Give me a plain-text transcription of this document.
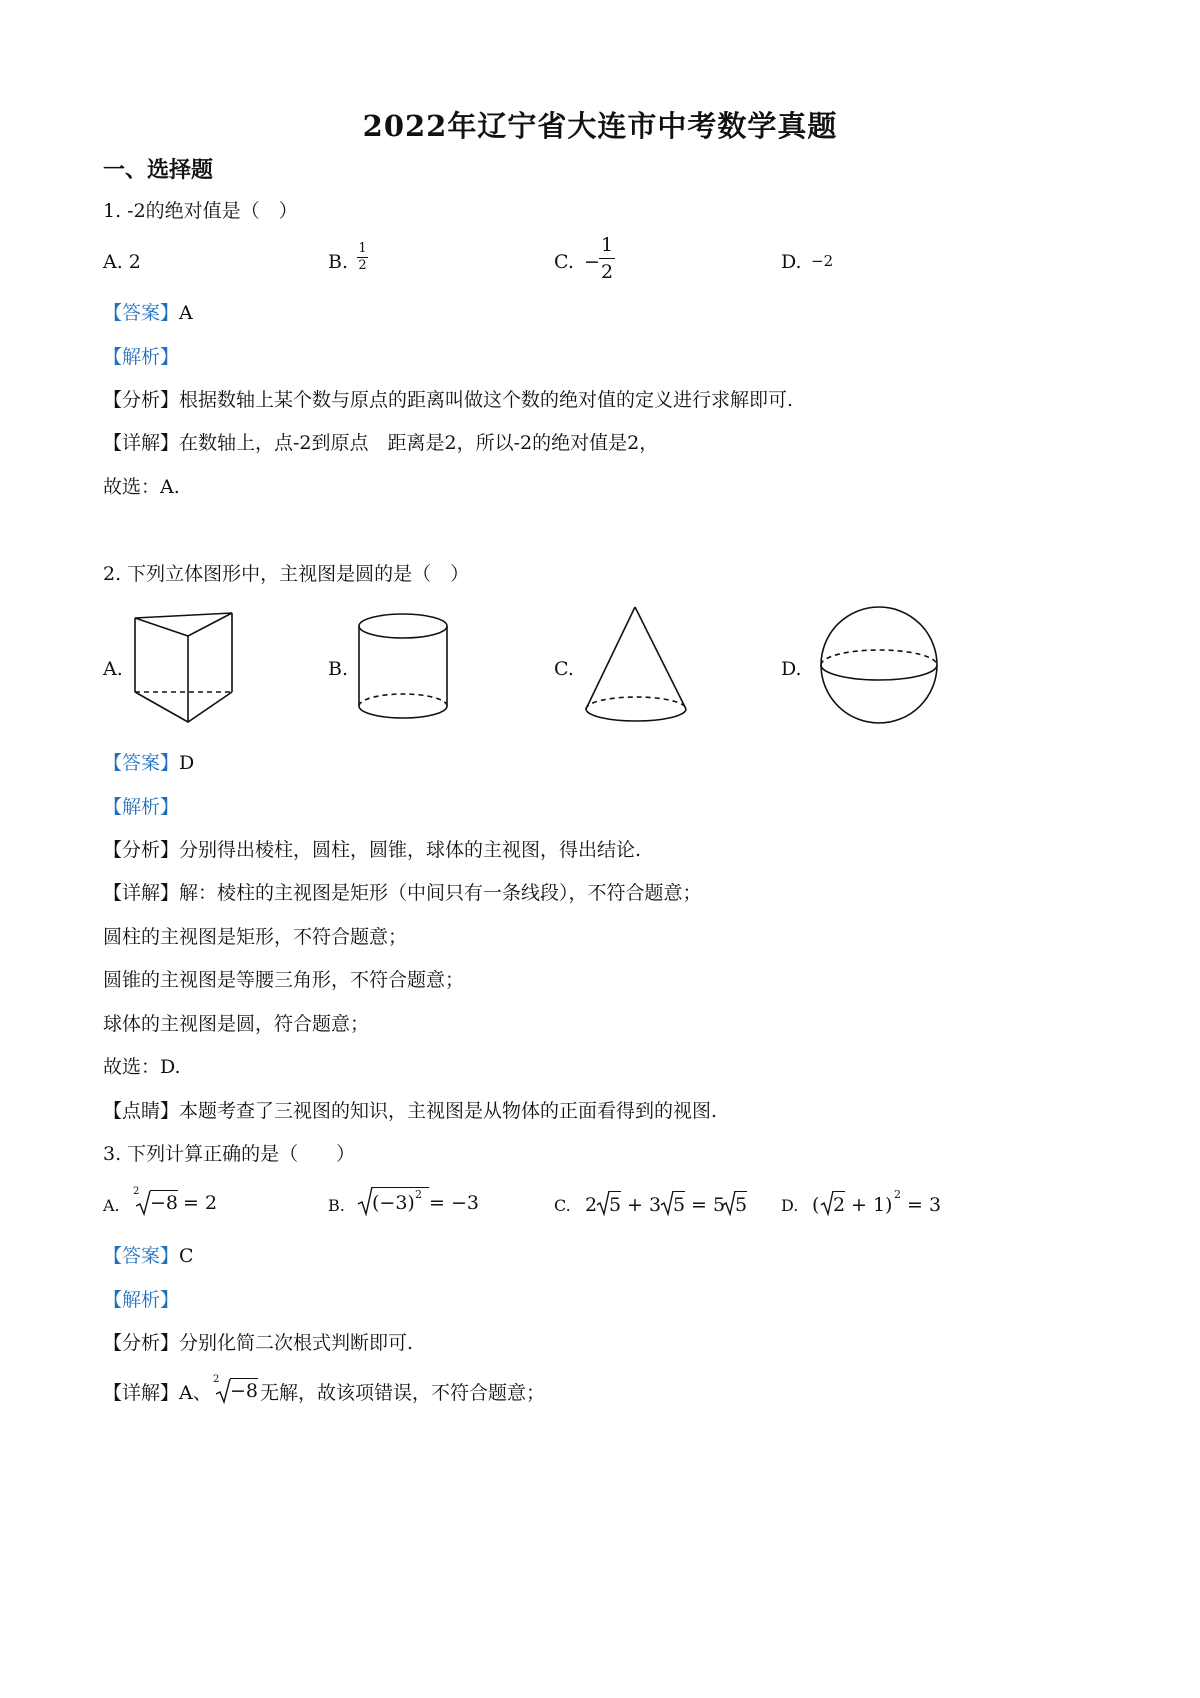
2022年辽宁省大连市中考数学真题
一、选择题
1. -2的绝对值是（　）
A. 2	B.
1
2	C. −
1
2	D. −2
【答案】A
【解析】
【分析】根据数轴上某个数与原点的距离叫做这个数的绝对值的定义进行求解即可.
【详解】在数轴上，点-2到原点　距离是2，所以-2的绝对值是2，
故选：A.
2. 下列立体图形中，主视图是圆的是（　）
A.	B.	C.	D.
【答案】D
【解析】
【分析】分别得出棱柱，圆柱，圆锥，球体的主视图，得出结论.
【详解】解：棱柱的主视图是矩形（中间只有一条线段），不符合题意；
圆柱的主视图是矩形，不符合题意；
圆锥的主视图是等腰三角形，不符合题意；
球体的主视图是圆，符合题意；
故选：D.
【点睛】本题考查了三视图的知识，主视图是从物体的正面看得到的视图.
3. 下列计算正确的是（　　）
A.
2
−8 = 2	B. (−3) 2 = −3	C. 2 5 + 3 5 = 5 5 D. ( 2 + 1) 2 = 3
【答案】C
【解析】
【分析】分别化简二次根式判断即可.
【详解】A、
2
−8 无解，故该项错误，不符合题意；
